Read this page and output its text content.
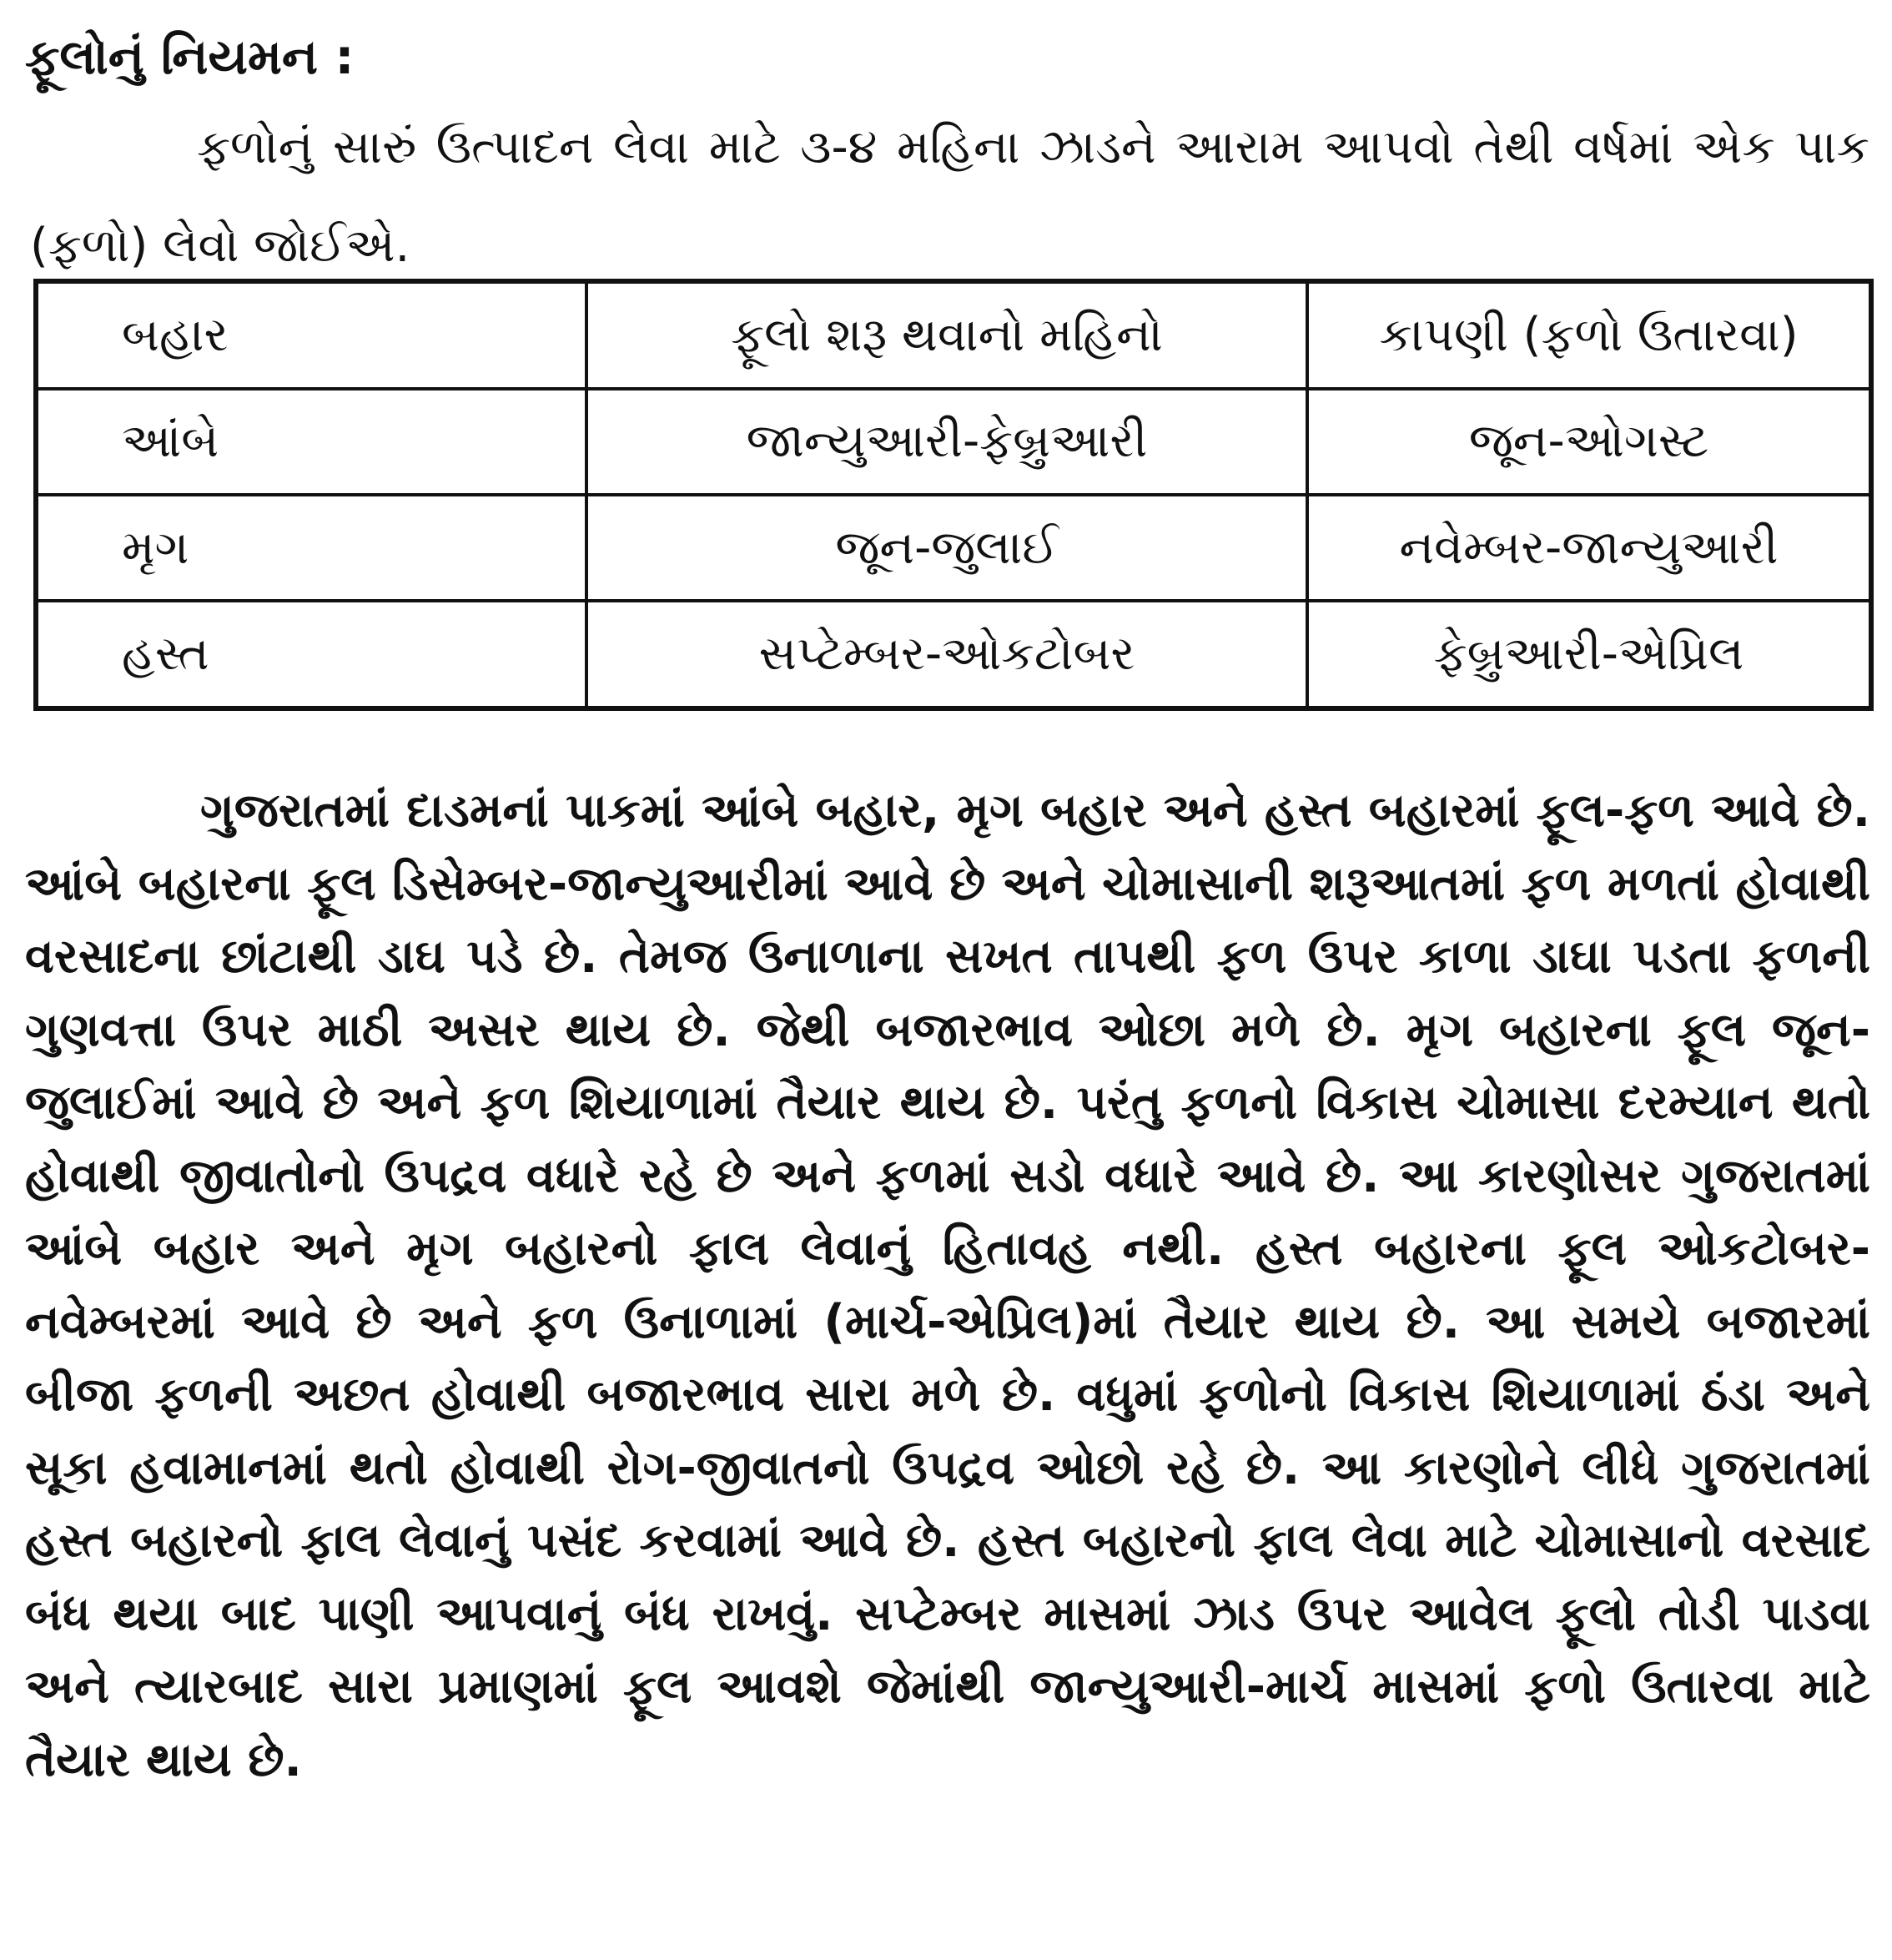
ફૂલોનું નિયમન :
ફળોનું સારું ઉત્પાદન લેવા માટે ૩-૪ મહિના ઝાડને આરામ આપવો તેથી વર્ષમાં એક પાક (ફળો) લેવો જોઈએ.
બહાર	ફૂલો શરૂ થવાનો મહિનો	કાપણી (ફળો ઉતારવા)
આંબે	જાન્યુઆરી-ફેબ્રુઆરી	જૂન-ઓગસ્ટ
મૃગ	જૂન-જુલાઈ	નવેમ્બર-જાન્યુઆરી
હસ્ત	સપ્ટેમ્બર-ઓકટોબર	ફેબ્રુઆરી-એપ્રિલ
ગુજરાતમાં દાડમનાં પાકમાં આંબે બહાર, મૃગ બહાર અને હસ્ત બહારમાં ફૂલ-ફળ આવે છે. આંબે બહારના ફૂલ ડિસેમ્બર-જાન્યુઆરીમાં આવે છે અને ચોમાસાની શરૂઆતમાં ફળ મળતાં હોવાથી વરસાદના છાંટાથી ડાઘ પડે છે. તેમજ ઉનાળાના સખત તાપથી ફળ ઉપર કાળા ડાઘા પડતા ફળની ગુણવત્તા ઉપર માઠી અસર થાય છે. જેથી બજારભાવ ઓછા મળે છે. મૃગ બહારના ફૂલ જૂન-જુલાઈમાં આવે છે અને ફળ શિયાળામાં તૈયાર થાય છે. પરંતુ ફળનો વિકાસ ચોમાસા દરમ્યાન થતો હોવાથી જીવાતોનો ઉપદ્રવ વધારે રહે છે અને ફળમાં સડો વધારે આવે છે. આ કારણોસર ગુજરાતમાં આંબે બહાર અને મૃગ બહારનો ફાલ લેવાનું હિતાવહ નથી. હસ્ત બહારના ફૂલ ઓકટોબર-નવેમ્બરમાં આવે છે અને ફળ ઉનાળામાં (માર્ચ-એપ્રિલ)માં તૈયાર થાય છે. આ સમયે બજારમાં બીજા ફળની અછત હોવાથી બજારભાવ સારા મળે છે. વધુમાં ફળોનો વિકાસ શિયાળામાં ઠંડા અને સૂકા હવામાનમાં થતો હોવાથી રોગ-જીવાતનો ઉપદ્રવ ઓછો રહે છે. આ કારણોને લીધે ગુજરાતમાં હસ્ત બહારનો ફાલ લેવાનું પસંદ કરવામાં આવે છે. હસ્ત બહારનો ફાલ લેવા માટે ચોમાસાનો વરસાદ બંધ થયા બાદ પાણી આપવાનું બંધ રાખવું. સપ્ટેમ્બર માસમાં ઝાડ ઉપર આવેલ ફૂલો તોડી પાડવા અને ત્યારબાદ સારા પ્રમાણમાં ફૂલ આવશે જેમાંથી જાન્યુઆરી-માર્ચ માસમાં ફળો ઉતારવા માટે તૈયાર થાય છે.
